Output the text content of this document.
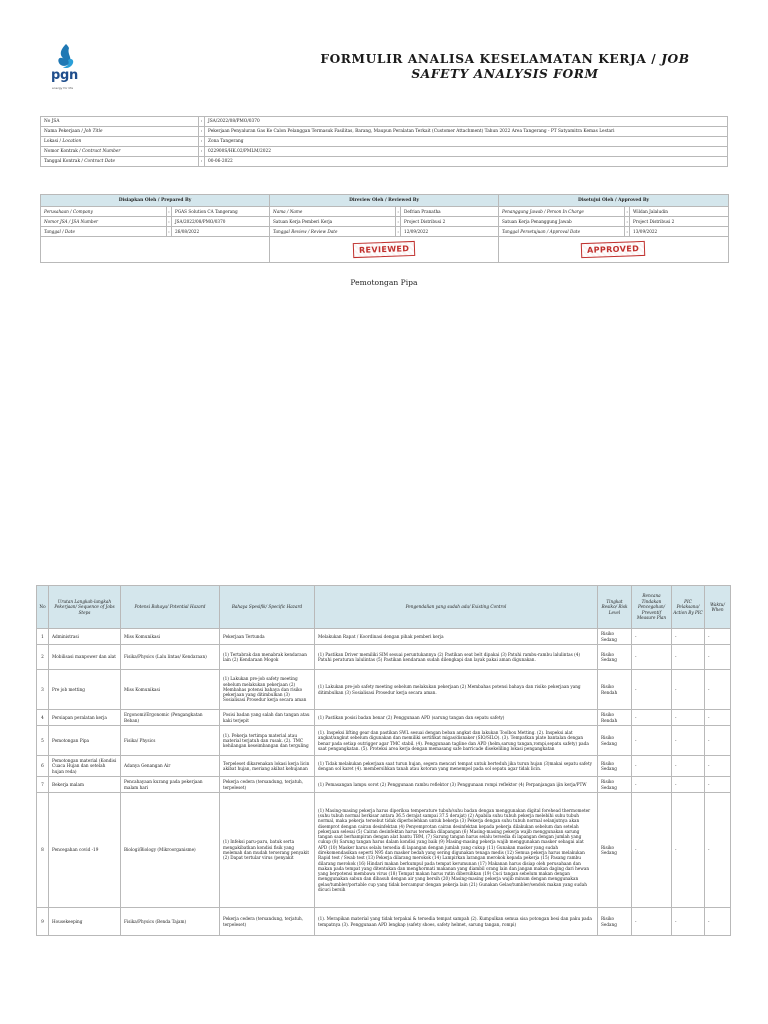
pgn
energy for life
FORMULIR ANALISA KESELAMATAN KERJA / JOB
SAFETY ANALYSIS FORM
No JSA	:	JSA/2022/08/PMO/0370
Nama Pekerjaan / Job Title	:	Pekerjaan Penyaluran Gas Ke Calon Pelanggan Termasuk Fasilitas, Barang, Maupun Peralatan Terkait (Customer Attachment) Tahun 2022 Area Tangerang - PT Satyamitra Kemas Lestari
Lokasi / Location	:	Zona Tangerang
Nomor Kontrak / Contract Number	:	022900S/HK.02/PMLM/2022
Tanggal Kontrak / Contract Date	:	00-06-2022
Disiapkan Oleh / Prepared By			Direview Oleh / Reviewed By			Disetujui Oleh / Approved By		
Perusahaan / Company	:	PGAS Solution CA Tangerang	Nama / Name	:	Defrian Pranatha	Penanggung Jawab / Person In Charge	:	Wildan Jalaludin
Nomor JSA / JSA Number	:	JSA/2022/08/PMO/0370	Satuan Kerja Pemberi Kerja	:	Project Distribusi 2	Satuan Kerja Penanggung Jawab	:	Project Distribusi 2
Tanggal / Date	:	26/08/2022	Tanggal Review / Review Date	:	12/09/2022	Tanggal Persetujuan / Approval Date	:	13/09/2022
			REVIEWED			APPROVED		
Pemotongan Pipa
No	Urutan Langkah-langkah Pekerjaan/ Sequence of Jobs Steps	Potensi Bahaya/ Potential Hazard	Bahaya Spesifik/ Specific Hazard	Pengendalian yang sudah ada/ Existing Control	Tingkat Resiko/ Risk Level	Rencana Tindakan Pencegahan/ Preventif Measure Plan	PIC Pelaksana/ Action By PIC	Waktu/ When
1	Administrasi	Miss Komunikasi	Pekerjaan Tertunda	Melakukan Rapat / Koordinasi dengan pihak pemberi kerja	Risiko Sedang	-	-	-
2	Mobilisasi manpower dan alat	Fisika/Physics (Lalu lintas/ Kendaraan)	(1) Tertabrak dan menabrak kendaraan lain (2) Kendaraan Mogok	(1) Pastikan Driver memiliki SIM sesuai peruntukannya (2) Pastikan seat belt dipakai (3) Patuhi rambu-rambu lalulintas (4) Patuhi peraturan lalulintas (5) Pastikan kendaraan sudah dilengkapi dan layak pakai aman digunakan.	Risiko Sedang	-	-	-
3	Pre job metting	Miss Komunikasi	(1) Lakukan pre-job safety meeting sebelum melakukan pekerjaan (2) Membahas potensi bahaya dan risiko pekerjaan yang ditimbulkan (3) Sosialisasi Prosedur kerja secara aman	(1) Lakukan pre-job safety meeting sebelum melakukan pekerjaan (2) Membahas potensi bahaya dan risiko pekerjaan yang ditimbulkan (3) Sosialisasi Prosedur kerja secara aman.	Risiko Rendah	-	-	-
4	Persiapan peralatan kerja	Ergonomi/Ergonomic (Pengangkatan Beban)	Posisi badan yang salah dan tangan atau kaki terjepit	(1) Pastikan posisi badan benar (2) Penggunaan APD (sarung tangan dan sepatu safety)	Risiko Rendah	-	-	-
5	Pemotongan Pipa	Fisika/ Physics	(1). Pekerja tertimpa material atau material terjatuh dan rusak. (2). TMC kehilangan keseimbangan dan terguling	(1). Inspeksi lifting gear dan pastikan SWL sesuai dengan beban angkat dan lakukan Toolbox Metting. (2). Inspeksi alat angkat/angkut sebelum digunakan dan memiliki sertifikat migas/disnaker (SIO/SILO). (3). Tempatkan plate bantalan dengan benar pada setiap outrigger agar TMC stabil. (4). Penggunaan tagline dan APD (helm,sarung tangan,rompi,sepatu safety) pada saat pengangkatan. (5). Proteksi area kerja dengan memasang safe barricade disekeliling lokasi pengangkatan	Risiko Sedang	-	-	-
6	Pemotongan material (Kondisi Cuaca Hujan dan setelah hujan reda)	Adanya Genangan Air	Terpeleset dikarenakan lokasi kerja licin akibat hujan, meriang akibat kehujanan	(1) Tidak melakukan pekerjaan saat turun hujan, segera mencari tempat untuk berteduh jika turun hujan (3)makai sepatu safety dengan sol karet (4). membersihkan tanah atau kotoran yang menempel pada sol sepatu agar tidak licin.	Risiko Sedang	-	-	-
7	Bekerja malam	Pencahayaan kurang pada pekerjaan malam hari	Pekerja cedera (tersandung, terjatuh, terpeleset)	(1) Pemasangan lampu sorot (2) Penggunaan rambu reflektor (3) Penggunaan rompi reflektor (4) Perpanjangan ijin kerja/PTW	Risiko Sedang	-	-	-
8	Pencegahan covid -19	Biologi/Biology (Mikroorganisme)	(1) Infeksi paru-paru, batuk serta mengakibatkan kondisi fisik yang melemah dan mudah terserang penyakit (2) Dapat tertular virus /penyakit	(1) Masing-masing pekerja harus diperiksa temperature tubuh/suhu badan dengan menggunakan digital forehead thermometer (suhu tubuh normal berkisar antara 36.5 derajat sampai 37.5 derajat) (2) Apabila suhu tubuh pekerja melebihi suhu tubuh normal, maka pekerja tersebut tidak diperbolehkan untuk bekerja (3) Pekerja dengan suhu tubuh normal selanjutnya akan disemprot dengan cairan desinfektan (4) Penyemprotan cairan desinfektan kepada pekerja dilakukan sebelum dan setelah pekerjaan selesai (5) Cairan desinfektan harus tersedia dilapangan (6) Masing-masing pekerja wajib menggunakan sarung tangan saat berhampiran dengan alat bantu TBM, (7) Sarung tangan harus selalu tersedia di lapangan dengan jumlah yang cukup (8) Sarung tangan harus dalam kondisi yang baik (9) Masing-masing pekerja wajib menggunakan masker sebagai alat APD (10) Masker harus selalu tersedia di lapangan dengan jumlah yang cukup (11) Gunakan masker yang sudah direkomendasikan seperti N95 dan masker bedah yang sering digunakan tenaga medis (12) Semua pekerja harus melakukan Rapid test / Swab test (13) Pekerja dilarang merokok (14) Lampirkan larangan merokok kepada pekerja (15) Pasang rambu dilarang merokok (16) Hindari makan berkumpul pada tempat kerumunan (17) Makanan harus disiap oleh perusahaan dan makan pada tempat yang ditentukan dan menghormati makanan yang diambil orang lain dan jangan makan daging dari hewan yang berpotensi membawa virus (18) Tempat makan harus rutin dibersihkan (19) Cuci tangan sebelum makan dengan menggunakan sabun dan dibasuh dengan air yang bersih (20) Masing-masing pekerja wajib minum dengan menggunakan gelas/tumbler/portable cup yang tidak bercampur dengan pekerja lain (21) Gunakan Gelas/tumbler/sendok makan yang sudah dicuci bersih	Risiko Sedang	-	-	-
9	Housekeeping	Fisika/Physics (Benda Tajam)	Pekerja cedera (tersandung, terjatuh, terpeleset)	(1). Merapikan material yang tidak terpakai & tersedia tempat sampah (2). Kumpulkan semua sisa potongan besi dan paku pada tempatnya (3). Penggunaan APD lengkap (safety shoes, safety helmet, sarung tangan, rompi)	Risiko Sedang	-	-	-
